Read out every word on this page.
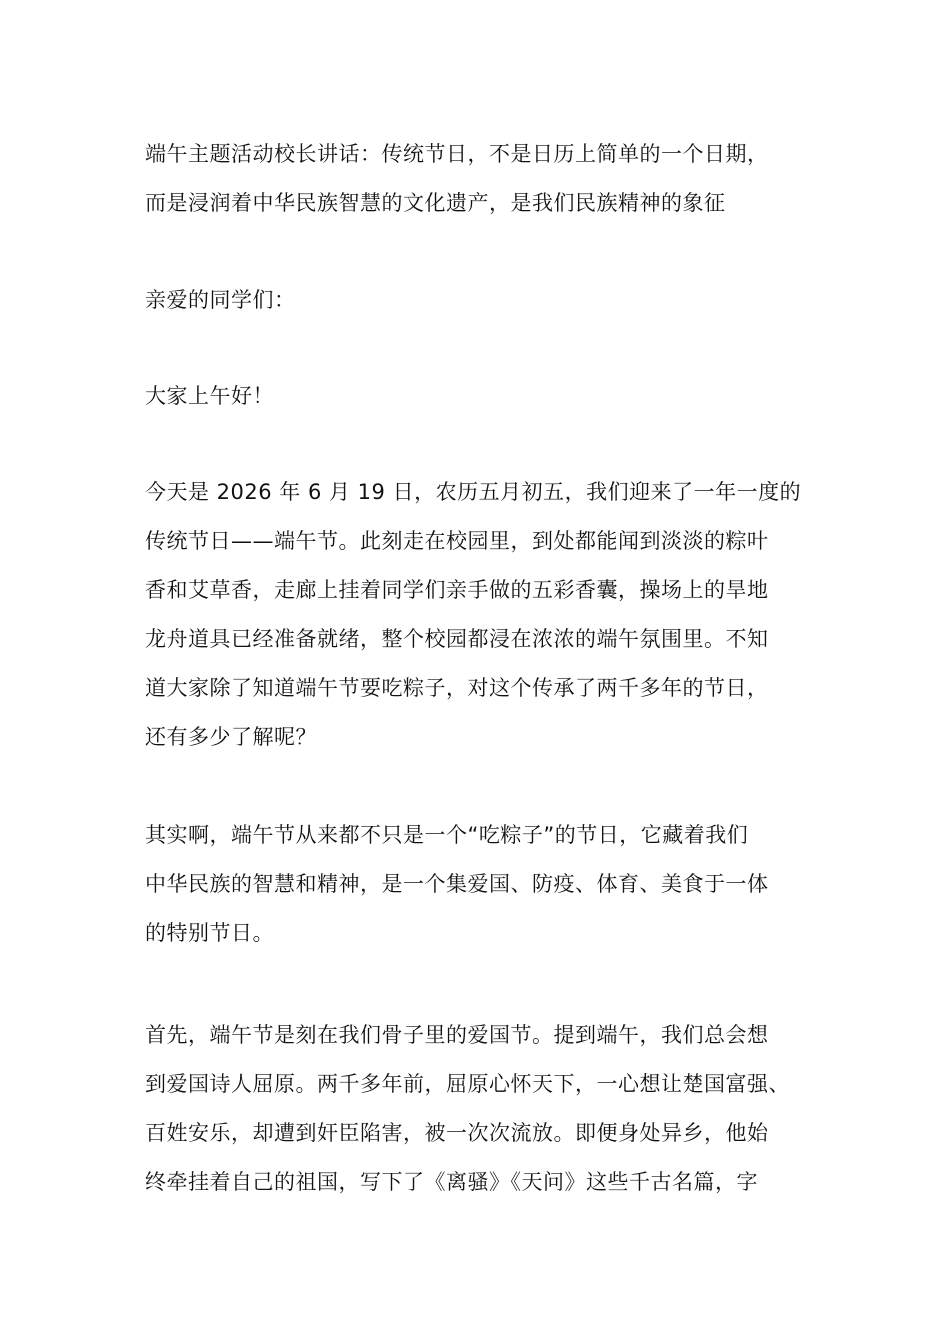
端午主题活动校长讲话：传统节日，不是日历上简单的一个日期，
而是浸润着中华民族智慧的文化遗产，是我们民族精神的象征
亲爱的同学们：
大家上午好！
今天是 2026 年 6 月 19 日，农历五月初五，我们迎来了一年一度的
传统节日——端午节。此刻走在校园里，到处都能闻到淡淡的粽叶
香和艾草香，走廊上挂着同学们亲手做的五彩香囊，操场上的旱地
龙舟道具已经准备就绪，整个校园都浸在浓浓的端午氛围里。不知
道大家除了知道端午节要吃粽子，对这个传承了两千多年的节日，
还有多少了解呢？
其实啊，端午节从来都不只是一个“吃粽子”的节日，它藏着我们
中华民族的智慧和精神，是一个集爱国、防疫、体育、美食于一体
的特别节日。
首先，端午节是刻在我们骨子里的爱国节。提到端午，我们总会想
到爱国诗人屈原。两千多年前，屈原心怀天下，一心想让楚国富强、
百姓安乐，却遭到奸臣陷害，被一次次流放。即便身处异乡，他始
终牵挂着自己的祖国，写下了《离骚》《天问》这些千古名篇，字
